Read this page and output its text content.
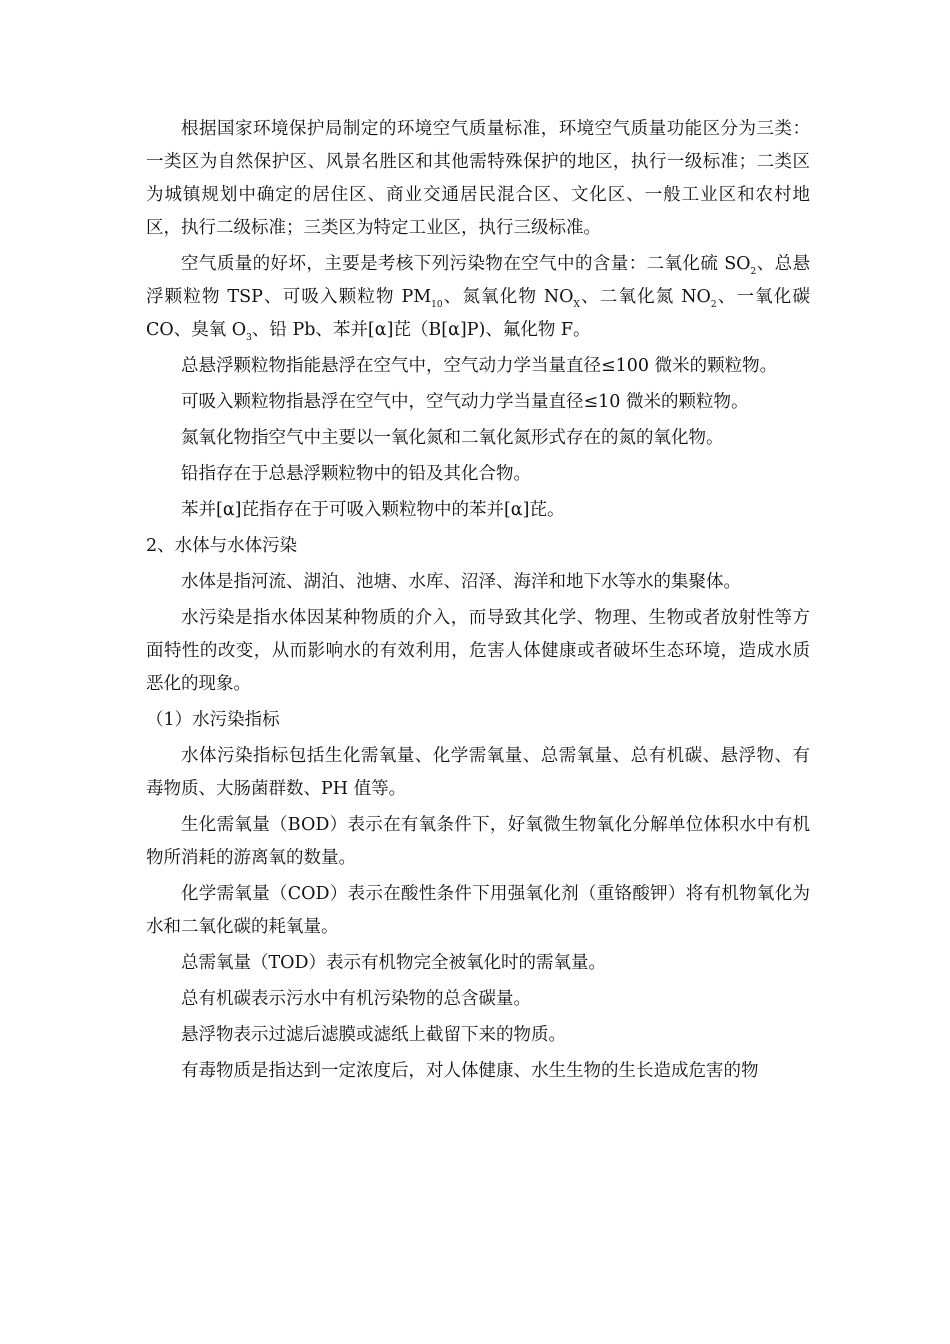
根据国家环境保护局制定的环境空气质量标准，环境空气质量功能区分为三类：一类区为自然保护区、风景名胜区和其他需特殊保护的地区，执行一级标准；二类区为城镇规划中确定的居住区、商业交通居民混合区、文化区、一般工业区和农村地区，执行二级标准；三类区为特定工业区，执行三级标准。

空气质量的好坏，主要是考核下列污染物在空气中的含量：二氧化硫 $SO_2$、总悬浮颗粒物 TSP、可吸入颗粒物 $PM_{10}$、氮氧化物 $NO_X$、二氧化氮 $NO_2$、一氧化碳 CO、臭氧 $O_3$、铅 Pb、苯并[α]芘（B[α]P)、氟化物 F。

总悬浮颗粒物指能悬浮在空气中，空气动力学当量直径≤100 微米的颗粒物。

可吸入颗粒物指悬浮在空气中，空气动力学当量直径≤10 微米的颗粒物。

氮氧化物指空气中主要以一氧化氮和二氧化氮形式存在的氮的氧化物。

铅指存在于总悬浮颗粒物中的铅及其化合物。

苯并[α]芘指存在于可吸入颗粒物中的苯并[α]芘。

2、水体与水体污染

水体是指河流、湖泊、池塘、水库、沼泽、海洋和地下水等水的集聚体。

水污染是指水体因某种物质的介入，而导致其化学、物理、生物或者放射性等方面特性的改变，从而影响水的有效利用，危害人体健康或者破坏生态环境，造成水质恶化的现象。

（1）水污染指标

水体污染指标包括生化需氧量、化学需氧量、总需氧量、总有机碳、悬浮物、有毒物质、大肠菌群数、PH 值等。

生化需氧量（BOD）表示在有氧条件下，好氧微生物氧化分解单位体积水中有机物所消耗的游离氧的数量。

化学需氧量（COD）表示在酸性条件下用强氧化剂（重铬酸钾）将有机物氧化为水和二氧化碳的耗氧量。

总需氧量（TOD）表示有机物完全被氧化时的需氧量。

总有机碳表示污水中有机污染物的总含碳量。

悬浮物表示过滤后滤膜或滤纸上截留下来的物质。

有毒物质是指达到一定浓度后，对人体健康、水生生物的生长造成危害的物
